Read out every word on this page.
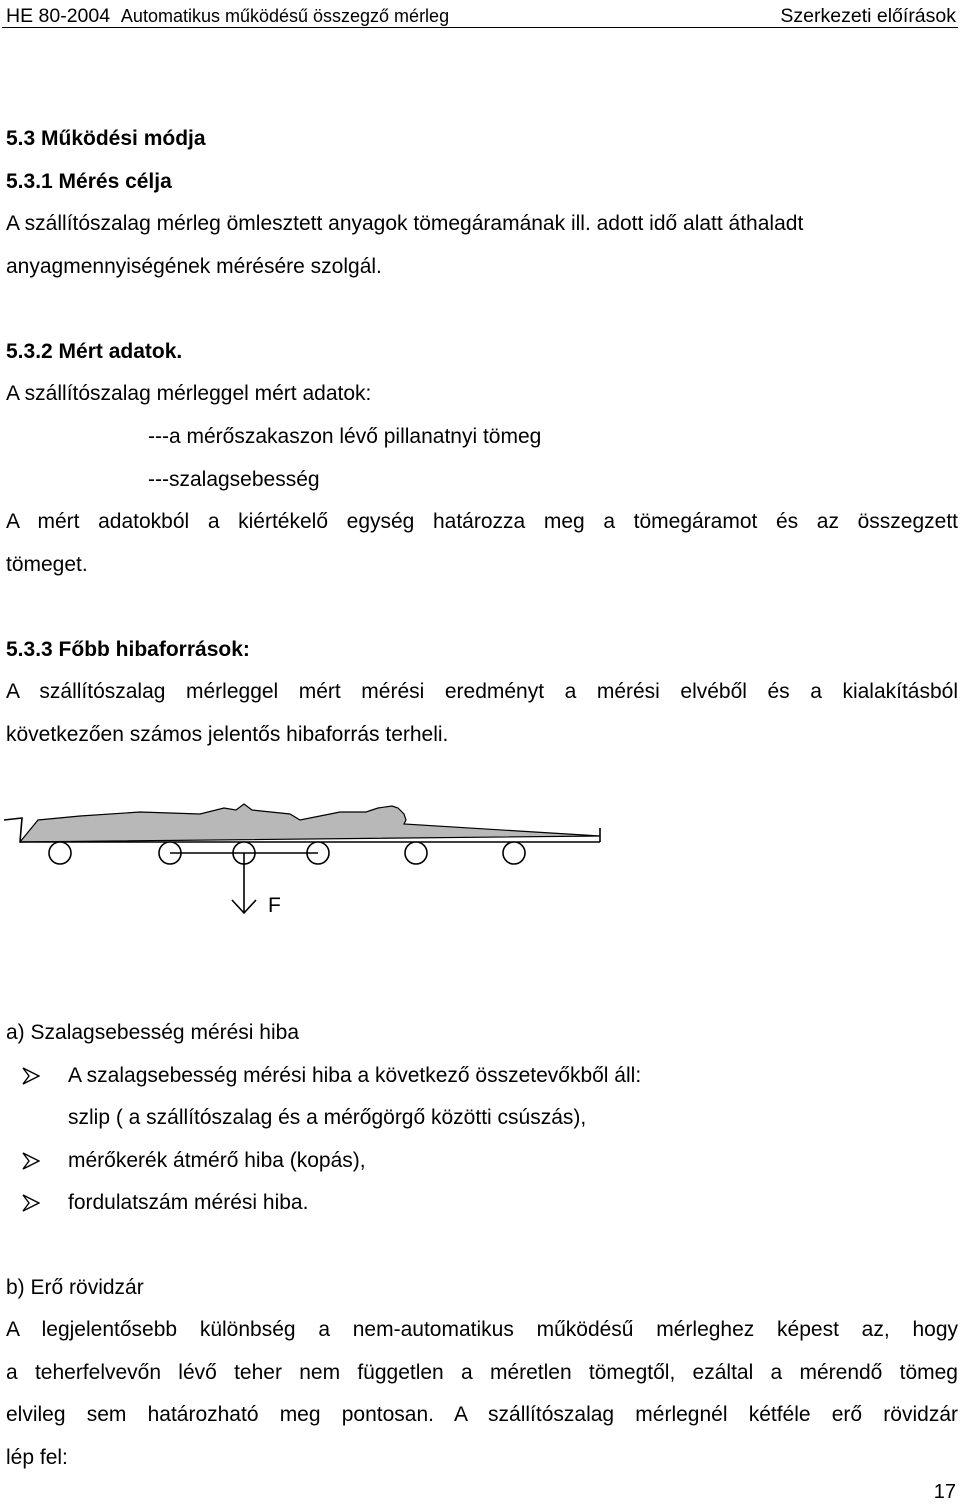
HE 80-2004 Automatikus működésű összegző mérleg	Szerkezeti előírások
5.3 Működési módja
5.3.1 Mérés célja
A szállítószalag mérleg ömlesztett anyagok tömegáramának ill. adott idő alatt áthaladt
anyagmennyiségének mérésére szolgál.
5.3.2 Mért adatok.
A szállítószalag mérleggel mért adatok:
---a mérőszakaszon lévő pillanatnyi tömeg
---szalagsebesség
A mért adatokból a kiértékelő egység határozza meg a tömegáramot és az összegzett
tömeget.
5.3.3 Főbb hibaforrások:
A szállítószalag mérleggel mért mérési eredményt a mérési elvéből és a kialakításból
következően számos jelentős hibaforrás terheli.
F
a) Szalagsebesség mérési hiba
A szalagsebesség mérési hiba a következő összetevőkből áll:
szlip ( a szállítószalag és a mérőgörgő közötti csúszás),
mérőkerék átmérő hiba (kopás),
fordulatszám mérési hiba.
b) Erő rövidzár
A legjelentősebb különbség a nem-automatikus működésű mérleghez képest az, hogy
a teherfelvevőn lévő teher nem független a méretlen tömegtől, ezáltal a mérendő tömeg
elvileg sem határozható meg pontosan. A szállítószalag mérlegnél kétféle erő rövidzár
lép fel:
17
